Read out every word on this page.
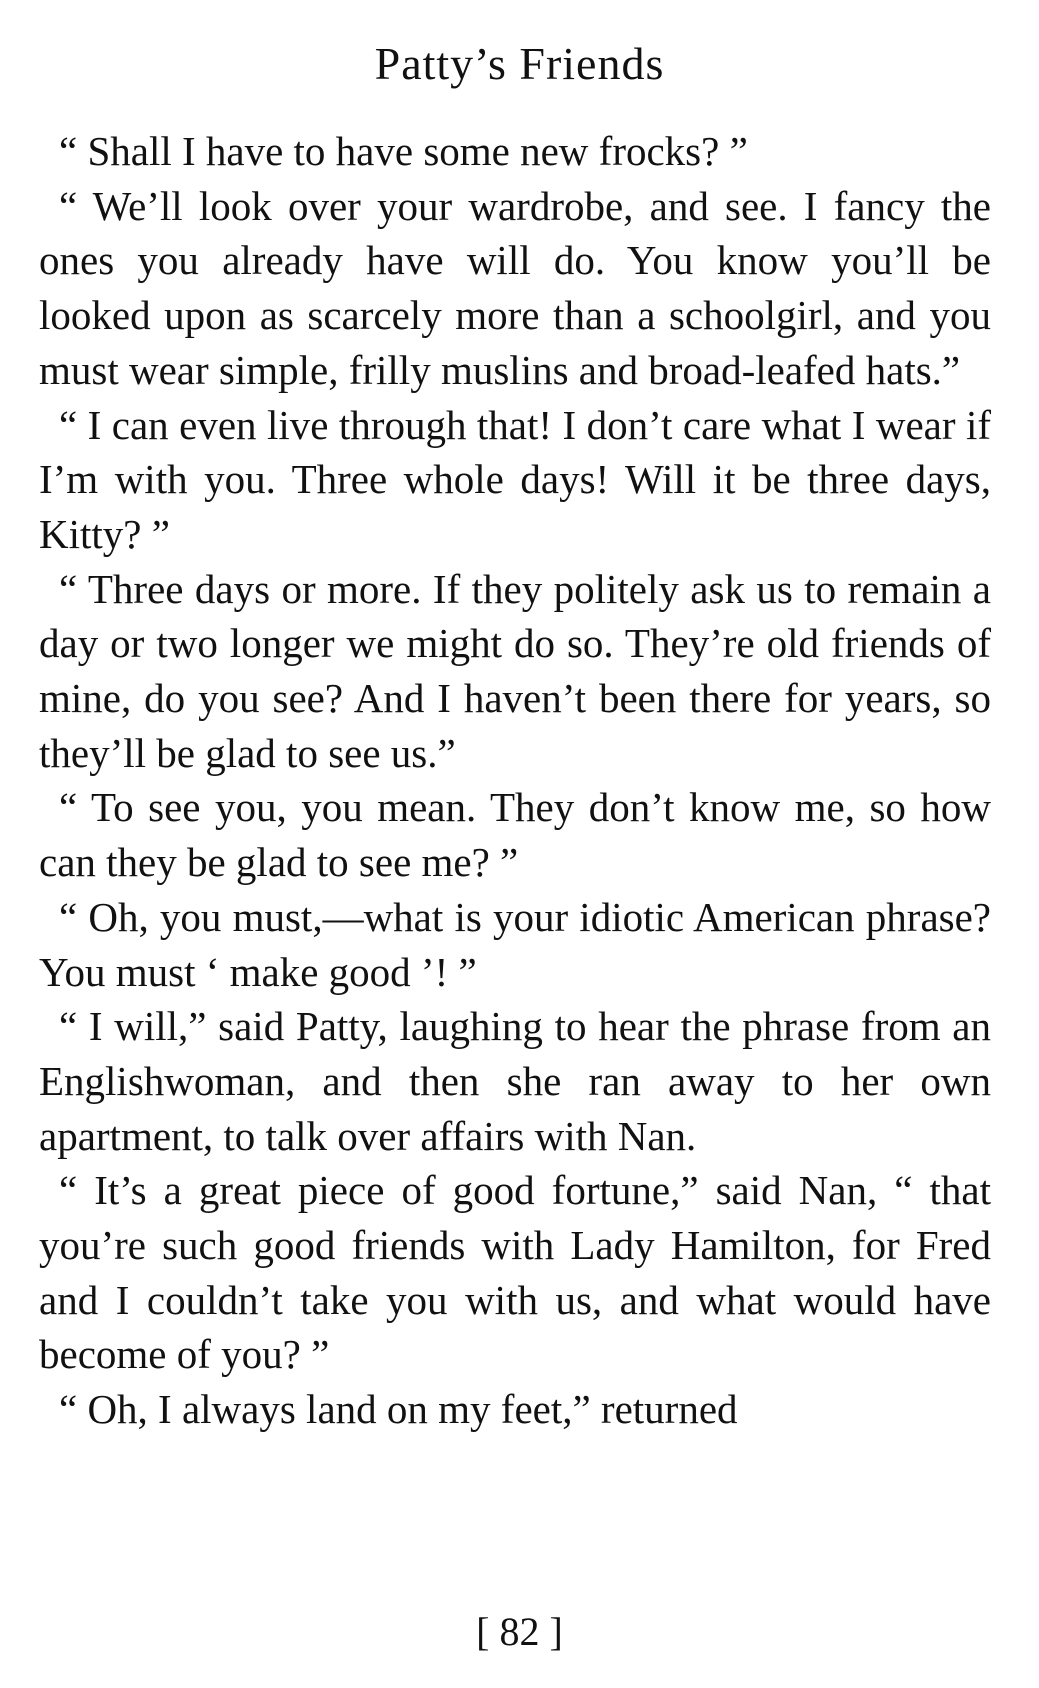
Patty’s Friends

“ Shall I have to have some new frocks? ”

“ We’ll look over your wardrobe, and see. I fancy the ones you already have will do. You know you’ll be looked upon as scarcely more than a schoolgirl, and you must wear simple, frilly muslins and broad-leafed hats.”

“ I can even live through that! I don’t care what I wear if I’m with you. Three whole days! Will it be three days, Kitty? ”

“ Three days or more. If they politely ask us to remain a day or two longer we might do so. They’re old friends of mine, do you see? And I haven’t been there for years, so they’ll be glad to see us.”

“ To see you, you mean. They don’t know me, so how can they be glad to see me? ”

“ Oh, you must,—what is your idiotic American phrase? You must ‘ make good ’! ”

“ I will,” said Patty, laughing to hear the phrase from an Englishwoman, and then she ran away to her own apartment, to talk over affairs with Nan.

“ It’s a great piece of good fortune,” said Nan, “ that you’re such good friends with Lady Hamilton, for Fred and I couldn’t take you with us, and what would have become of you? ”

“ Oh, I always land on my feet,” returned

[ 82 ]
